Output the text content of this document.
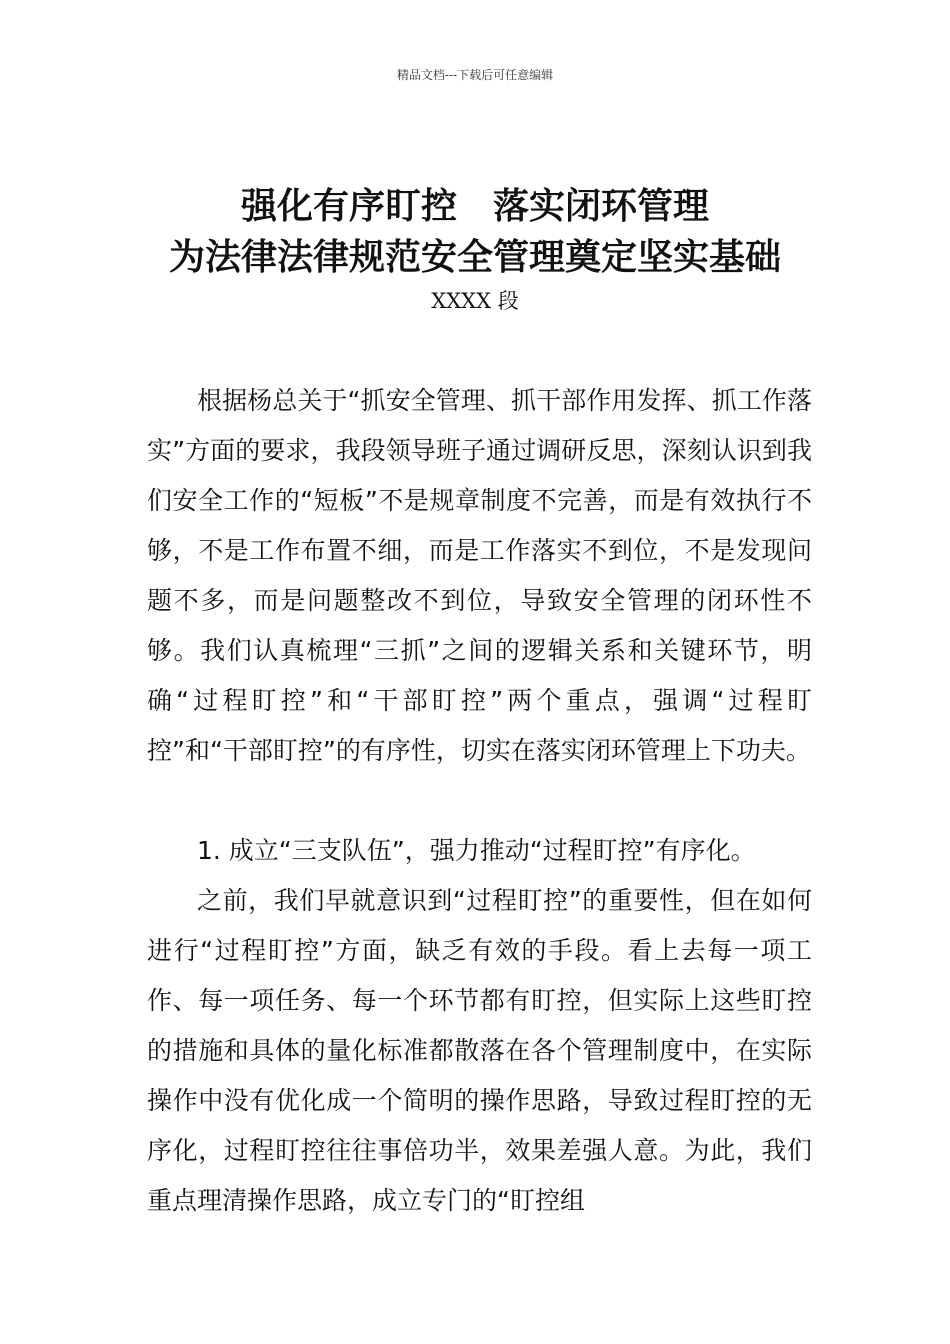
精品文档---下载后可任意编辑
强化有序盯控　落实闭环管理
为法律法律规范安全管理奠定坚实基础
XXXX 段

根据杨总关于“抓安全管理、抓干部作用发挥、抓工作落实”方面的要求，我段领导班子通过调研反思，深刻认识到我们安全工作的“短板”不是规章制度不完善，而是有效执行不够，不是工作布置不细，而是工作落实不到位，不是发现问题不多，而是问题整改不到位，导致安全管理的闭环性不够。我们认真梳理“三抓”之间的逻辑关系和关键环节，明确“过程盯控”和“干部盯控”两个重点，强调“过程盯控”和“干部盯控”的有序性，切实在落实闭环管理上下功夫。

1. 成立“三支队伍”，强力推动“过程盯控”有序化。

之前，我们早就意识到“过程盯控”的重要性，但在如何进行“过程盯控”方面，缺乏有效的手段。看上去每一项工作、每一项任务、每一个环节都有盯控，但实际上这些盯控的措施和具体的量化标准都散落在各个管理制度中，在实际操作中没有优化成一个简明的操作思路，导致过程盯控的无序化，过程盯控往往事倍功半，效果差强人意。为此，我们重点理清操作思路，成立专门的“盯控组
